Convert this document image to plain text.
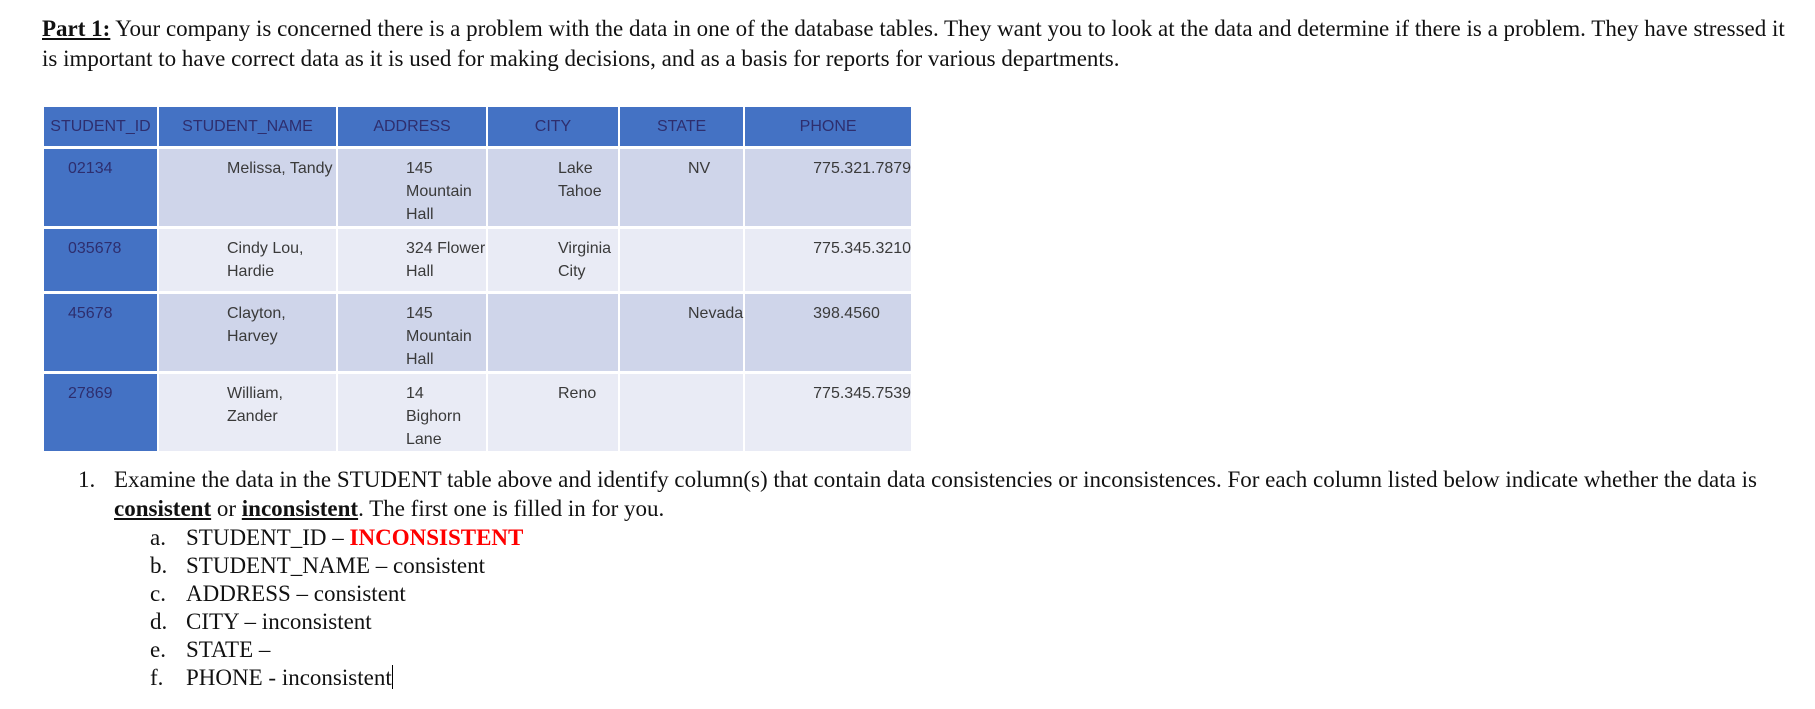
Part 1: Your company is concerned there is a problem with the data in one of the database tables. They want you to look at the data and determine if there is a problem. They have stressed it is important to have correct data as it is used for making decisions, and as a basis for reports for various departments.
STUDENT_ID	STUDENT_NAME	ADDRESS	CITY	STATE	PHONE
02134	Melissa, Tandy	145 Mountain Hall	Lake Tahoe	NV	775.321.7879
035678	Cindy Lou, Hardie	324 Flower Hall	Virginia City		775.345.3210
45678	Clayton, Harvey	145 Mountain Hall		Nevada	398.4560
27869	William, Zander	14 Bighorn Lane	Reno		775.345.7539
1. Examine the data in the STUDENT table above and identify column(s) that contain data consistencies or inconsistences. For each column listed below indicate whether the data is consistent or inconsistent. The first one is filled in for you.
a. STUDENT_ID – INCONSISTENT
b. STUDENT_NAME – consistent
c. ADDRESS – consistent
d. CITY – inconsistent
e. STATE –
f. PHONE - inconsistent
